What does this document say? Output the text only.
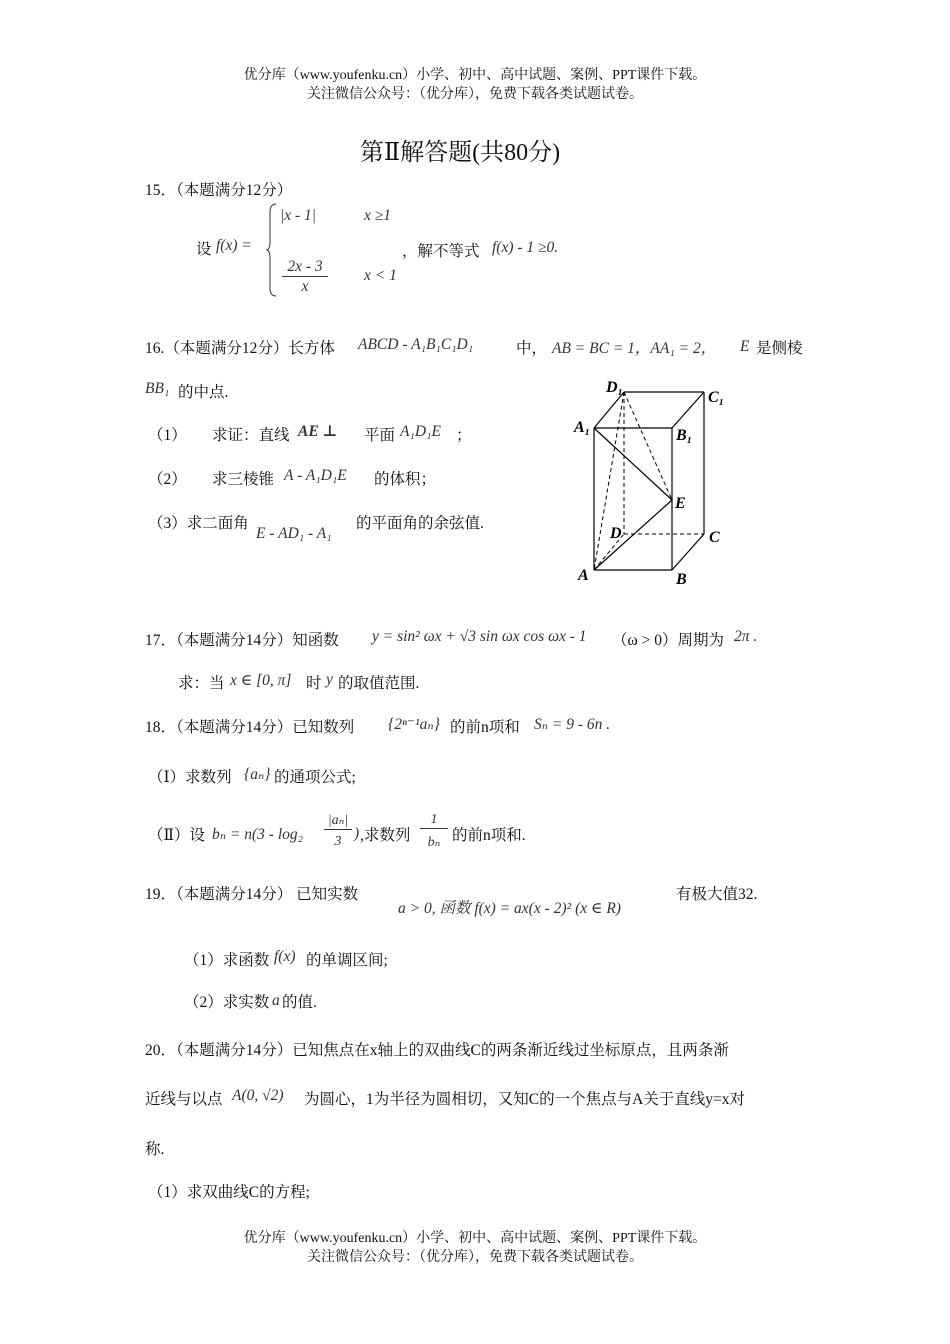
优分库（www.youfenku.cn）小学、初中、高中试题、案例、PPT课件下载。
关注微信公众号：（优分库），免费下载各类试题试卷。
第Ⅱ解答题(共80分)
15．（本题满分12分）
设 f(x) =
|x - 1|	x ≥1
2x - 3
x
x < 1
，解不等式 f(x) - 1 ≥0.
16.（本题满分12分）长方体 ABCD - A₁B₁C₁D₁	中， AB = BC = 1，AA₁ = 2， E 是侧棱
BB₁ 的中点.
（1） 求证：直线 AE ⊥ 平面 A₁D₁E ；
（2） 求三棱锥 A - A₁D₁E 的体积；
（3）求二面角
E - AD₁ - A₁
的平面角的余弦值.
D₁
C₁
A₁	B₁
E
D	C
A	B
17．（本题满分14分）知函数 y = sin² ωx + √3 sin ωx cos ωx - 1 （ω > 0）周期为 2π .
求：当 x ∈ [0, π] 时 y 的取值范围.
18．（本题满分14分）已知数列 {2ⁿ⁻¹aₙ} 的前n项和 Sₙ = 9 - 6n .
（Ⅰ）求数列 {aₙ} 的通项公式;
（Ⅱ）设 bₙ = n(3 - log₂
|aₙ|
3 ) ,求数列
1
bₙ 的前n项和.
19．（本题满分14分） 已知实数
a > 0, 函数 f(x) = ax(x - 2)² (x ∈ R)
有极大值32.
（1）求函数 f(x) 的单调区间;
（2）求实数 a 的值.
20．（本题满分14分）已知焦点在x轴上的双曲线C的两条渐近线过坐标原点，且两条渐
近线与以点 A(0, √2) 为圆心，1为半径为圆相切，又知C的一个焦点与A关于直线y=x对
称.
（1）求双曲线C的方程;
优分库（www.youfenku.cn）小学、初中、高中试题、案例、PPT课件下载。
关注微信公众号：（优分库），免费下载各类试题试卷。
